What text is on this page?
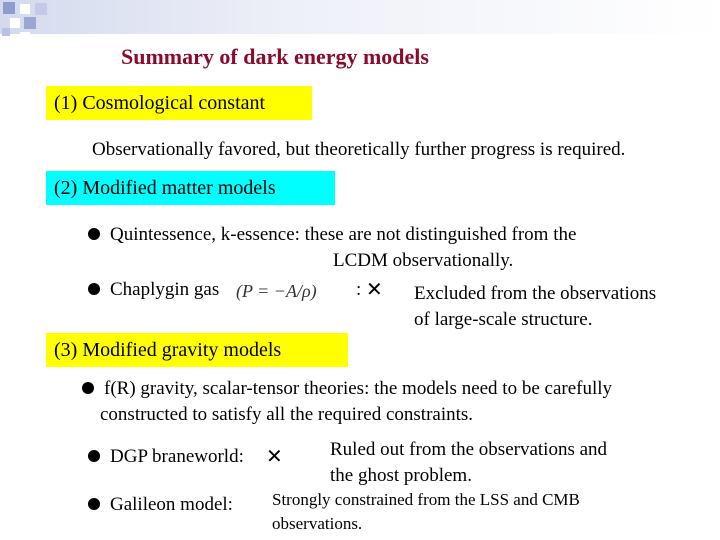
Summary of dark energy models
(1) Cosmological constant
Observationally favored, but theoretically further progress is required.
(2) Modified matter models
Quintessence, k-essence: these are not distinguished from the
LCDM observationally.
Chaplygin gas (P = −A/ρ) : ✕ Excluded from the observations
of large-scale structure.
(3) Modified gravity models
f(R) gravity, scalar-tensor theories: the models need to be carefully
constructed to satisfy all the required constraints.
DGP braneworld: ✕ Ruled out from the observations and
the ghost problem.
Galileon model: Strongly constrained from the LSS and CMB
observations.
